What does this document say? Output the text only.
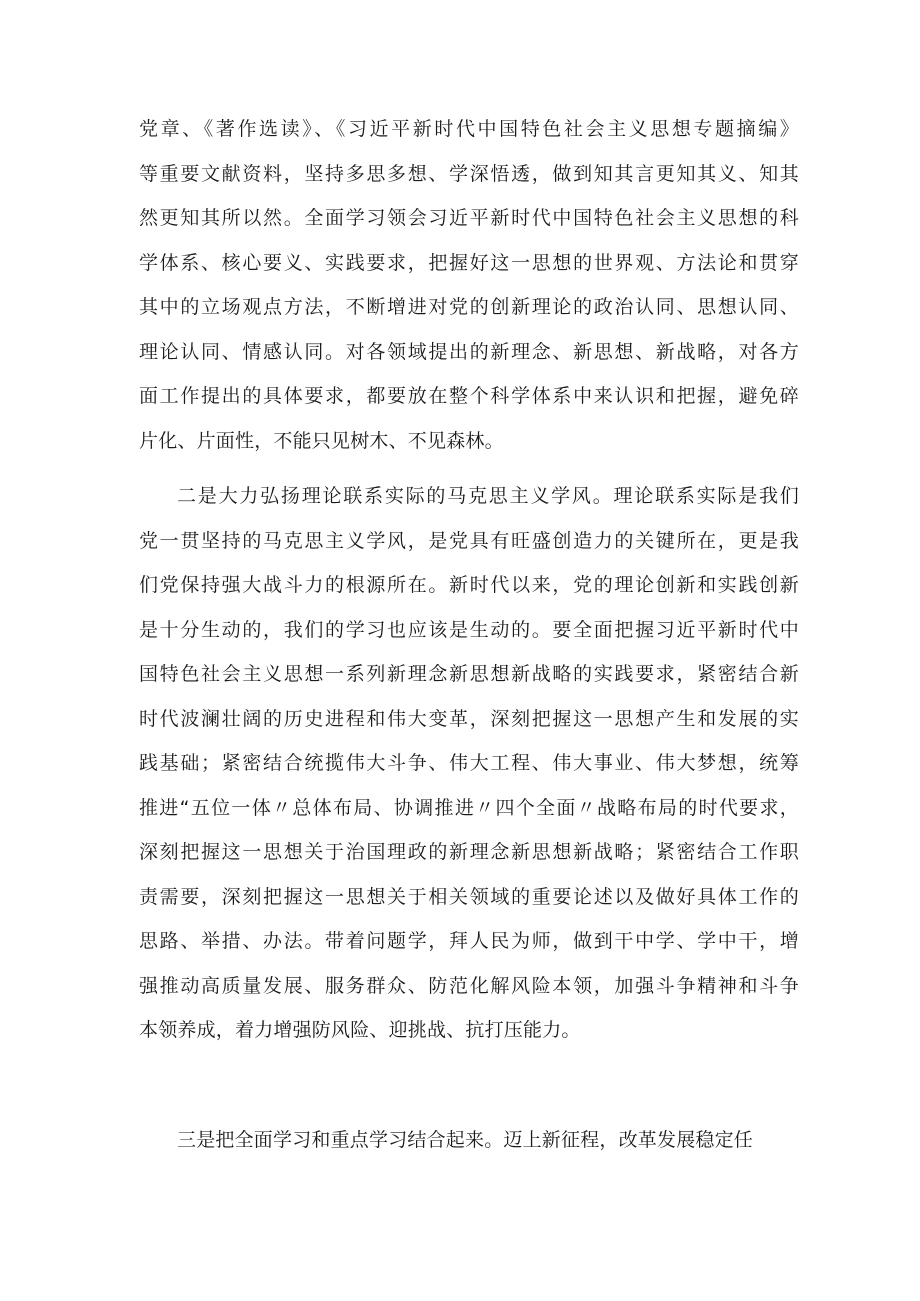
党章、《著作选读》、《习近平新时代中国特色社会主义思想专题摘编》

等重要文献资料，坚持多思多想、学深悟透，做到知其言更知其义、知其

然更知其所以然。全面学习领会习近平新时代中国特色社会主义思想的科

学体系、核心要义、实践要求，把握好这一思想的世界观、方法论和贯穿

其中的立场观点方法，不断增进对党的创新理论的政治认同、思想认同、

理论认同、情感认同。对各领域提出的新理念、新思想、新战略，对各方

面工作提出的具体要求，都要放在整个科学体系中来认识和把握，避免碎

片化、片面性，不能只见树木、不见森林。

二是大力弘扬理论联系实际的马克思主义学风。理论联系实际是我们

党一贯坚持的马克思主义学风，是党具有旺盛创造力的关键所在，更是我

们党保持强大战斗力的根源所在。新时代以来，党的理论创新和实践创新

是十分生动的，我们的学习也应该是生动的。要全面把握习近平新时代中

国特色社会主义思想一系列新理念新思想新战略的实践要求，紧密结合新

时代波澜壮阔的历史进程和伟大变革，深刻把握这一思想产生和发展的实

践基础；紧密结合统揽伟大斗争、伟大工程、伟大事业、伟大梦想，统筹

推进“五位一体〃总体布局、协调推进〃四个全面〃战略布局的时代要求，

深刻把握这一思想关于治国理政的新理念新思想新战略；紧密结合工作职

责需要，深刻把握这一思想关于相关领域的重要论述以及做好具体工作的

思路、举措、办法。带着问题学，拜人民为师，做到干中学、学中干，增

强推动高质量发展、服务群众、防范化解风险本领，加强斗争精神和斗争

本领养成，着力增强防风险、迎挑战、抗打压能力。

三是把全面学习和重点学习结合起来。迈上新征程，改革发展稳定任
